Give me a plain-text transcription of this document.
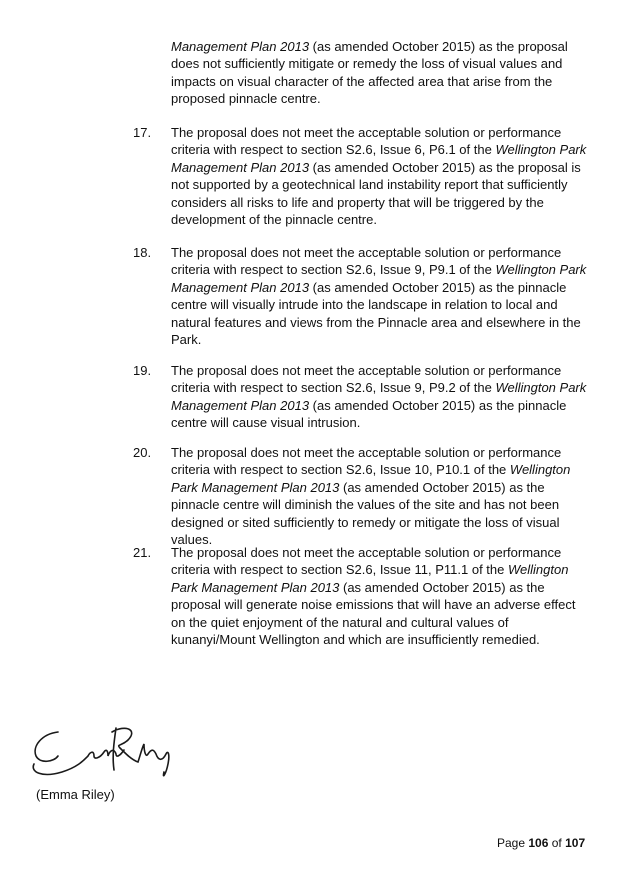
Management Plan 2013 (as amended October 2015) as the proposal does not sufficiently mitigate or remedy the loss of visual values and impacts on visual character of the affected area that arise from the proposed pinnacle centre.
17. The proposal does not meet the acceptable solution or performance criteria with respect to section S2.6, Issue 6, P6.1 of the Wellington Park Management Plan 2013 (as amended October 2015) as the proposal is not supported by a geotechnical land instability report that sufficiently considers all risks to life and property that will be triggered by the development of the pinnacle centre.
18. The proposal does not meet the acceptable solution or performance criteria with respect to section S2.6, Issue 9, P9.1 of the Wellington Park Management Plan 2013 (as amended October 2015) as the pinnacle centre will visually intrude into the landscape in relation to local and natural features and views from the Pinnacle area and elsewhere in the Park.
19. The proposal does not meet the acceptable solution or performance criteria with respect to section S2.6, Issue 9, P9.2 of the Wellington Park Management Plan 2013 (as amended October 2015) as the pinnacle centre will cause visual intrusion.
20. The proposal does not meet the acceptable solution or performance criteria with respect to section S2.6, Issue 10, P10.1 of the Wellington Park Management Plan 2013 (as amended October 2015) as the pinnacle centre will diminish the values of the site and has not been designed or sited sufficiently to remedy or mitigate the loss of visual values.
21. The proposal does not meet the acceptable solution or performance criteria with respect to section S2.6, Issue 11, P11.1 of the Wellington Park Management Plan 2013 (as amended October 2015) as the proposal will generate noise emissions that will have an adverse effect on the quiet enjoyment of the natural and cultural values of kunanyi/Mount Wellington and which are insufficiently remedied.
(Emma Riley)
Page 106 of 107
